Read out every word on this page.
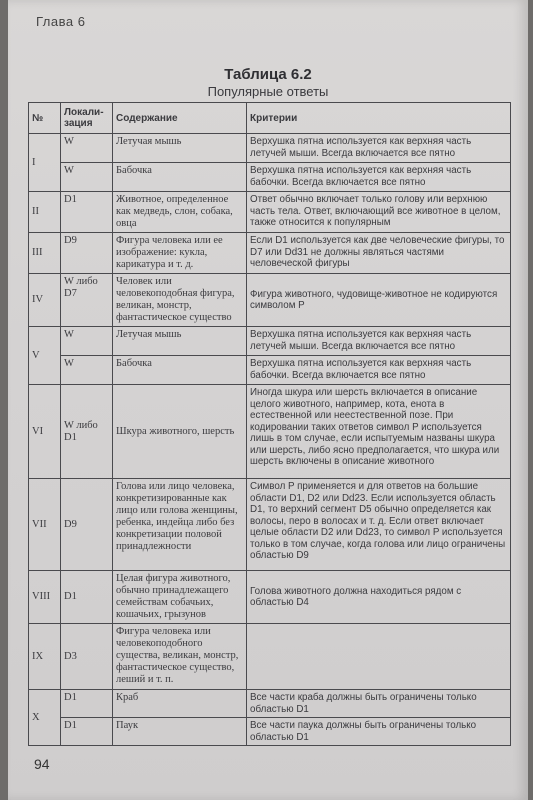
Глава 6
Таблица 6.2
Популярные ответы
№	Локали-зация	Содержание	Критерии
I	W	Летучая мышь	Верхушка пятна используется как верхняя часть летучей мыши. Всегда включается все пятно
	W	Бабочка	Верхушка пятна используется как верхняя часть бабочки. Всегда включается все пятно
II	D1	Животное, определенное как медведь, слон, собака, овца	Ответ обычно включает только голову или верхнюю часть тела. Ответ, включающий все животное в целом, также относится к популярным
III	D9	Фигура человека или ее изображение: кукла, карикатура и т. д.	Если D1 используется как две человеческие фигуры, то D7 или Dd31 не должны являться частями человеческой фигуры
IV	W либо D7	Человек или человекоподобная фигура, великан, монстр, фантастическое существо	Фигура животного, чудовище-животное не кодируются символом P
V	W	Летучая мышь	Верхушка пятна используется как верхняя часть летучей мыши. Всегда включается все пятно
	W	Бабочка	Верхушка пятна используется как верхняя часть бабочки. Всегда включается все пятно
VI	W либо D1	Шкура животного, шерсть	Иногда шкура или шерсть включается в описание целого животного, например, кота, енота в естественной или неестественной позе. При кодировании таких ответов символ P используется лишь в том случае, если испытуемым названы шкура или шерсть, либо ясно предполагается, что шкура или шерсть включены в описание животного
VII	D9	Голова или лицо человека, конкретизированные как лицо или голова женщины, ребенка, индейца либо без конкретизации половой принадлежности	Символ P применяется и для ответов на большие области D1, D2 или Dd23. Если используется область D1, то верхний сегмент D5 обычно определяется как волосы, перо в волосах и т. д. Если ответ включает целые области D2 или Dd23, то символ P используется только в том случае, когда голова или лицо ограничены областью D9
VIII	D1	Целая фигура животного, обычно принадлежащего семействам собачьих, кошачьих, грызунов	Голова животного должна находиться рядом с областью D4
IX	D3	Фигура человека или человекоподобного существа, великан, монстр, фантастическое существо, леший и т. п.	
X	D1	Краб	Все части краба должны быть ограничены только областью D1
	D1	Паук	Все части паука должны быть ограничены только областью D1
94
